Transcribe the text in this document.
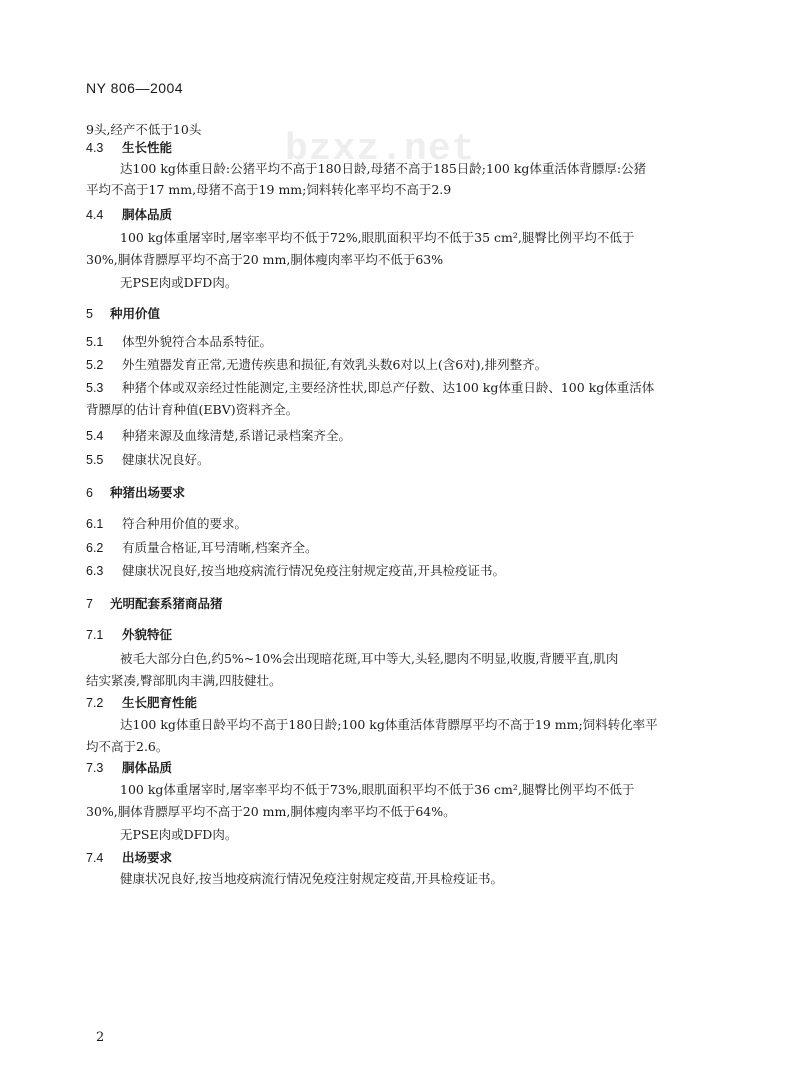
bzxz.net
NY 806—2004
9头,经产不低于10头
4.3 生长性能
达100 kg体重日龄:公猪平均不高于180日龄,母猪不高于185日龄;100 kg体重活体背膘厚:公猪
平均不高于17 mm,母猪不高于19 mm;饲料转化率平均不高于2.9
4.4 胴体品质
100 kg体重屠宰时,屠宰率平均不低于72%,眼肌面积平均不低于35 cm²,腿臀比例平均不低于
30%,胴体背膘厚平均不高于20 mm,胴体瘦肉率平均不低于63%
无PSE肉或DFD肉。
5 种用价值
5.1 体型外貌符合本品系特征。
5.2 外生殖器发育正常,无遗传疾患和损征,有效乳头数6对以上(含6对),排列整齐。
5.3 种猪个体或双亲经过性能测定,主要经济性状,即总产仔数、达100 kg体重日龄、100 kg体重活体
背膘厚的估计育种值(EBV)资料齐全。
5.4 种猪来源及血缘清楚,系谱记录档案齐全。
5.5 健康状况良好。
6 种猪出场要求
6.1 符合种用价值的要求。
6.2 有质量合格证,耳号清晰,档案齐全。
6.3 健康状况良好,按当地疫病流行情况免疫注射规定疫苗,开具检疫证书。
7 光明配套系猪商品猪
7.1 外貌特征
被毛大部分白色,约5%~10%会出现暗花斑,耳中等大,头轻,腮肉不明显,收腹,背腰平直,肌肉
结实紧凑,臀部肌肉丰满,四肢健壮。
7.2 生长肥育性能
达100 kg体重日龄平均不高于180日龄;100 kg体重活体背膘厚平均不高于19 mm;饲料转化率平
均不高于2.6。
7.3 胴体品质
100 kg体重屠宰时,屠宰率平均不低于73%,眼肌面积平均不低于36 cm²,腿臀比例平均不低于
30%,胴体背膘厚平均不高于20 mm,胴体瘦肉率平均不低于64%。
无PSE肉或DFD肉。
7.4 出场要求
健康状况良好,按当地疫病流行情况免疫注射规定疫苗,开具检疫证书。
2
